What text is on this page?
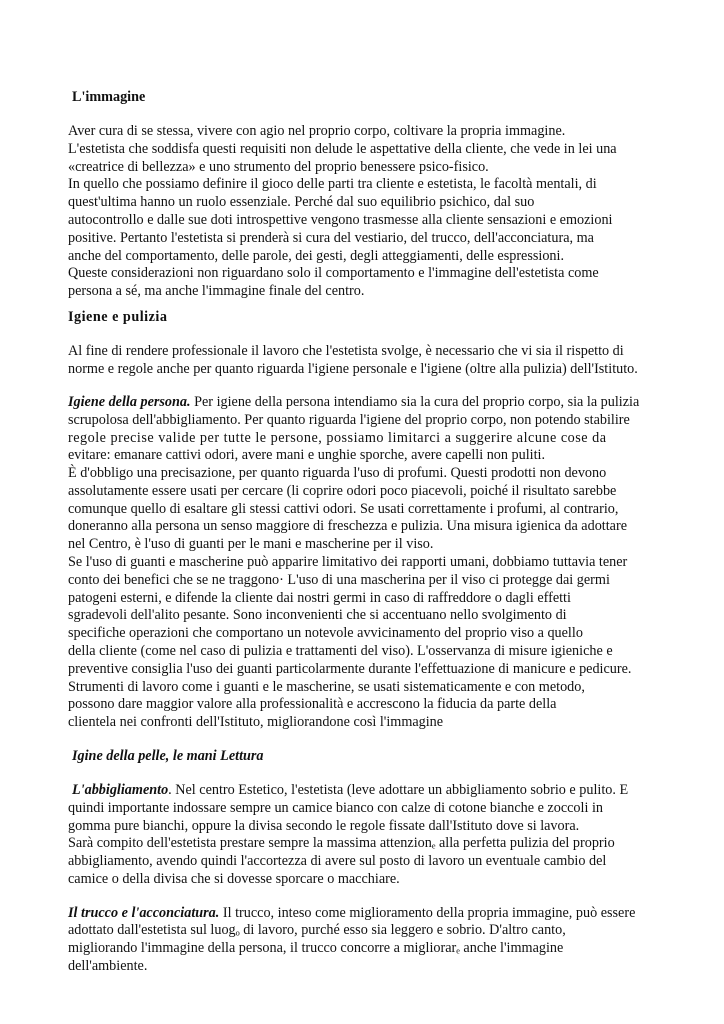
L'immagine
Aver cura di se stessa, vivere con agio nel proprio corpo, coltivare la propria immagine.
L'estetista che soddisfa questi requisiti non delude le aspettative della cliente, che vede in lei una
«creatrice di bellezza» e uno strumento del proprio benessere psico-fisico.
In quello che possiamo definire il gioco delle parti tra cliente e estetista, le facoltà mentali, di
quest'ultima hanno un ruolo essenziale. Perché dal suo equilibrio psichico, dal suo
autocontrollo e dalle sue doti introspettive vengono trasmesse alla cliente sensazioni e emozioni
positive. Pertanto l'estetista si prenderà si cura del vestiario, del trucco, dell'acconciatura, ma
anche del comportamento, delle parole, dei gesti, degli atteggiamenti, delle espressioni.
Queste considerazioni non riguardano solo il comportamento e l'immagine dell'estetista come
persona a sé, ma anche l'immagine finale del centro.
Igiene e pulizia
Al fine di rendere professionale il lavoro che l'estetista svolge, è necessario che vi sia il rispetto di
norme e regole anche per quanto riguarda l'igiene personale e l'igiene (oltre alla pulizia) dell'Istituto.
Igiene della persona. Per igiene della persona intendiamo sia la cura del proprio corpo, sia la pulizia
scrupolosa dell'abbigliamento. Per quanto riguarda l'igiene del proprio corpo, non potendo stabilire
regole precise valide per tutte le persone, possiamo limitarci a suggerire alcune cose da
evitare: emanare cattivi odori, avere mani e unghie sporche, avere capelli non puliti.
È d'obbligo una precisazione, per quanto riguarda l'uso di profumi. Questi prodotti non devono
assolutamente essere usati per cercare (li coprire odori poco piacevoli, poiché il risultato sarebbe
comunque quello di esaltare gli stessi cattivi odori. Se usati correttamente i profumi, al contrario,
doneranno alla persona un senso maggiore di freschezza e pulizia. Una misura igienica da adottare
nel Centro, è l'uso di guanti per le mani e mascherine per il viso.
Se l'uso di guanti e mascherine può apparire limitativo dei rapporti umani, dobbiamo tuttavia tener
conto dei benefici che se ne traggono· L'uso di una mascherina per il viso ci protegge dai germi
patogeni esterni, e difende la cliente dai nostri germi in caso di raffreddore o dagli effetti
sgradevoli dell'alito pesante. Sono inconvenienti che si accentuano nello svolgimento di
specifiche operazioni che comportano un notevole avvicinamento del proprio viso a quello
della cliente (come nel caso di pulizia e trattamenti del viso). L'osservanza di misure igieniche e
preventive consiglia l'uso dei guanti particolarmente durante l'effettuazione di manicure e pedicure.
Strumenti di lavoro come i guanti e le mascherine, se usati sistematicamente e con metodo,
possono dare maggior valore alla professionalità e accrescono la fiducia da parte della
clientela nei confronti dell'Istituto, migliorandone così l'immagine
Igine della pelle, le mani Lettura
L'abbigliamento. Nel centro Estetico, l'estetista (leve adottare un abbigliamento sobrio e pulito. E
quindi importante indossare sempre un camice bianco con calze di cotone bianche e zoccoli in
gomma pure bianchi, oppure la divisa secondo le regole fissate dall'Istituto dove si lavora.
Sarà compito dell'estetista prestare sempre la massima attenzionₑ alla perfetta pulizia del proprio
abbigliamento, avendo quindi l'accortezza di avere sul posto di lavoro un eventuale cambio del
camice o della divisa che si dovesse sporcare o macchiare.
Il trucco e l'acconciatura. Il trucco, inteso come miglioramento della propria immagine, può essere
adottato dall'estetista sul luogₒ di lavoro, purché esso sia leggero e sobrio. D'altro canto,
migliorando l'immagine della persona, il trucco concorre a migliorarₑ anche l'immagine
dell'ambiente.
